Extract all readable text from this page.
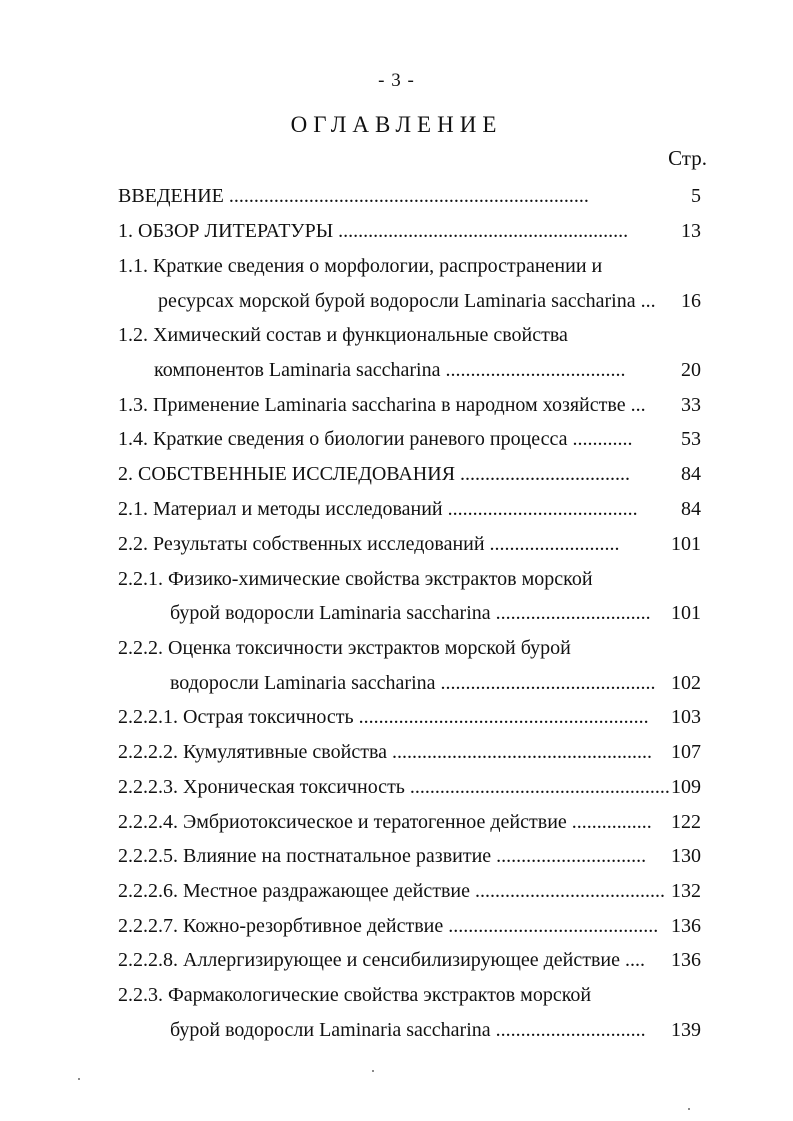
- 3 -
ОГЛАВЛЕНИЕ
Стр.
ВВЕДЕНИЕ ........................................................................	5
1. ОБЗОР ЛИТЕРАТУРЫ ..........................................................	13
1.1. Краткие сведения о морфологии, распространении и
ресурсах морской бурой водоросли Laminaria saccharina ...	16
1.2. Химический состав и функциональные свойства
компонентов Laminaria saccharina ....................................	20
1.3. Применение Laminaria saccharina в народном хозяйстве ...	33
1.4. Краткие сведения о биологии раневого процесса ............	53
2. СОБСТВЕННЫЕ ИССЛЕДОВАНИЯ ..................................	84
2.1. Материал и методы исследований ......................................	84
2.2. Результаты собственных исследований ..........................	101
2.2.1. Физико-химические свойства экстрактов морской
бурой водоросли Laminaria saccharina ...............................	101
2.2.2. Оценка токсичности экстрактов морской бурой
водоросли Laminaria saccharina ........................................... 102
2.2.2.1. Острая токсичность ..........................................................	103
2.2.2.2. Кумулятивные свойства .................................................... 107
2.2.2.3. Хроническая токсичность .................................................... 109
2.2.2.4. Эмбриотоксическое и тератогенное действие ................ 122
2.2.2.5. Влияние на постнатальное развитие ..............................	130
2.2.2.6. Местное раздражающее действие ...................................... 132
2.2.2.7. Кожно-резорбтивное действие .......................................... 136
2.2.2.8. Аллергизирующее и сенсибилизирующее действие ....	136
2.2.3. Фармакологические свойства экстрактов морской
бурой водоросли Laminaria saccharina ..............................	139
